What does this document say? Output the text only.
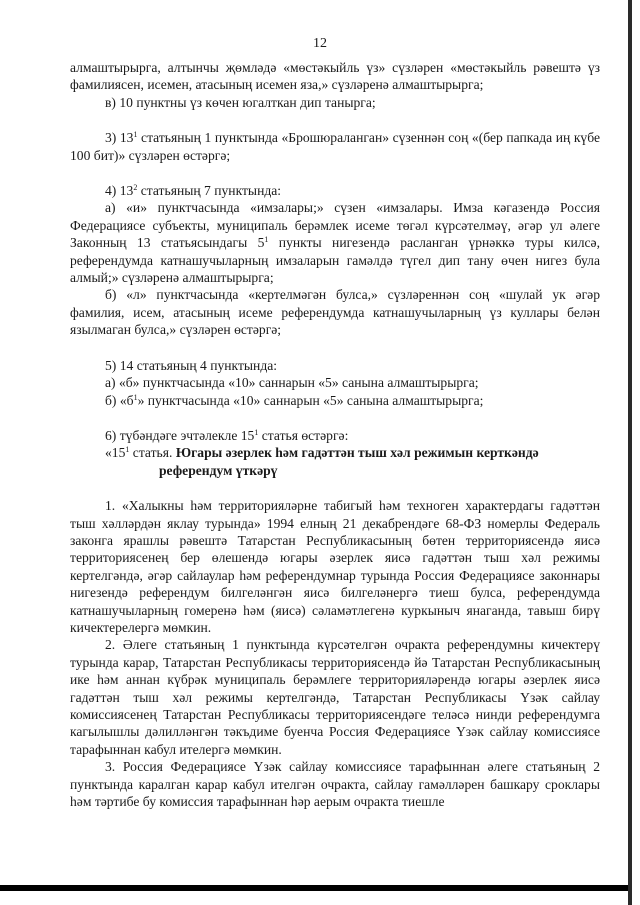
12

алмаштырырга, алтынчы җөмләдә «мөстәкыйль үз» сүзләрен «мөстәкыйль рәвештә үз фамилиясен, исемен, атасының исемен яза,» сүзләренә алмаштырырга;

в) 10 пунктны үз көчен югалткан дип танырга;

3) $13^1$ статьяның 1 пунктында «Брошюраланган» сүзеннән соң «(бер папкада иң күбе 100 бит)» сүзләрен өстәргә;

4) $13^2$ статьяның 7 пунктында:

а) «и» пунктчасында «имзалары;» сүзен «имзалары. Имза кәгазендә Россия Федерациясе субъекты, муниципаль берәмлек исеме төгәл күрсәтелмәү, әгәр ул әлеге Законның 13 статьясындагы $5^1$ пункты нигезендә расланган үрнәккә туры килсә, референдумда катнашучыларның имзаларын гамәлдә түгел дип тану өчен нигез була алмый;» сүзләренә алмаштырырга;

б) «л» пунктчасында «кертелмәгән булса,» сүзләреннән соң «шулай ук әгәр фамилия, исем, атасының исеме референдумда катнашучыларның үз куллары белән язылмаган булса,» сүзләрен өстәргә;

5) 14 статьяның 4 пунктында:

а) «б» пунктчасында «10» саннарын «5» санына алмаштырырга;

б) «$б^1$» пунктчасында «10» саннарын «5» санына алмаштырырга;

6) түбәндәге эчтәлекле $15^1$ статья өстәргә:

«$15^1$ статья. Югары әзерлек һәм гадәттән тыш хәл режимын керткәндә

референдум үткәрү

1. «Халыкны һәм территорияләрне табигый һәм техноген характердагы гадәттән тыш хәлләрдән яклау турында» 1994 елның 21 декабрендәге 68-ФЗ номерлы Федераль законга ярашлы рәвештә Татарстан Республикасының бөтен территориясендә яисә территориясенең бер өлешендә югары әзерлек яисә гадәттән тыш хәл режимы кертелгәндә, әгәр сайлаулар һәм референдумнар турында Россия Федерациясе законнары нигезендә референдум билгеләнгән яисә билгеләнергә тиеш булса, референдумда катнашучыларның гомеренә һәм (яисә) сәламәтлегенә куркыныч янаганда, тавыш бирү кичектерелергә мөмкин.

2. Әлеге статьяның 1 пунктында күрсәтелгән очракта референдумны кичектерү турында карар, Татарстан Республикасы территориясендә йә Татарстан Республикасының ике һәм аннан күбрәк муниципаль берәмлеге территорияләрендә югары әзерлек яисә гадәттән тыш хәл режимы кертелгәндә, Татарстан Республикасы Үзәк сайлау комиссиясенең Татарстан Республикасы территориясендәге теләсә нинди референдумга кагылышлы дәлилләнгән тәкъдиме буенча Россия Федерациясе Үзәк сайлау комиссиясе тарафыннан кабул ителергә мөмкин.

3. Россия Федерациясе Үзәк сайлау комиссиясе тарафыннан әлеге статьяның 2 пунктында каралган карар кабул ителгән очракта, сайлау гамәлләрен башкару сроклары һәм тәртибе бу комиссия тарафыннан һәр аерым очракта тиешле
